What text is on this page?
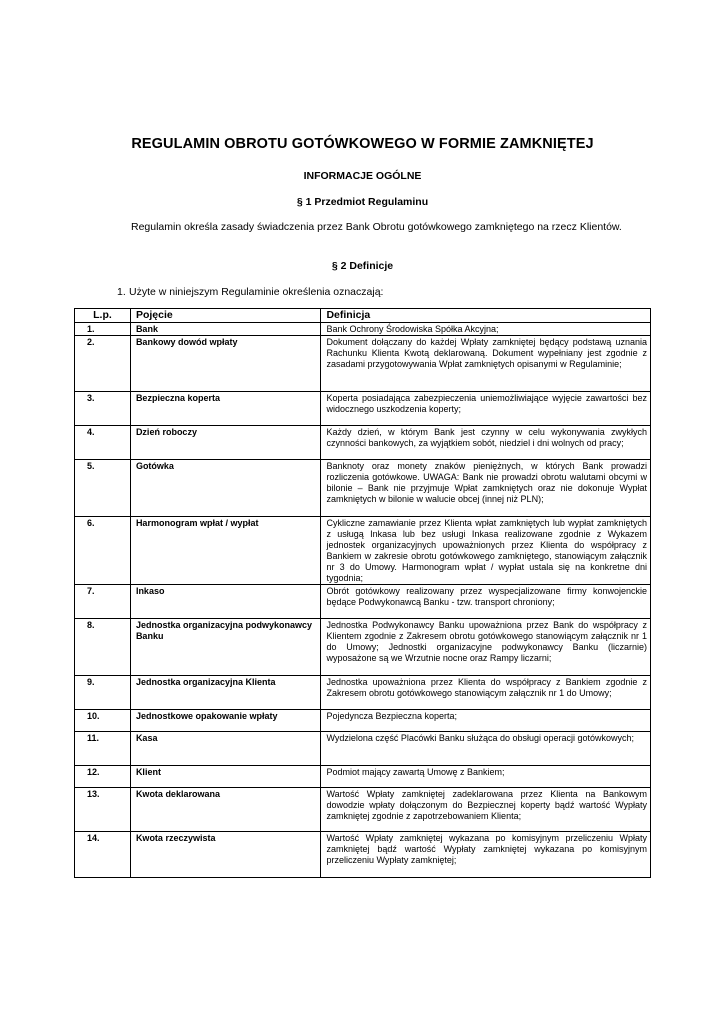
REGULAMIN OBROTU GOTÓWKOWEGO W FORMIE ZAMKNIĘTEJ
INFORMACJE OGÓLNE
§ 1 Przedmiot Regulaminu
Regulamin określa zasady świadczenia przez Bank Obrotu gotówkowego zamkniętego na rzecz Klientów.
§ 2 Definicje
1. Użyte w niniejszym Regulaminie określenia oznaczają:
L.p.	Pojęcie	Definicja
1.	Bank	Bank Ochrony Środowiska Spółka Akcyjna;
2.	Bankowy dowód wpłaty	Dokument dołączany do każdej Wpłaty zamkniętej będący podstawą uznania Rachunku Klienta Kwotą deklarowaną. Dokument wypełniany jest zgodnie z zasadami przygotowywania Wpłat zamkniętych opisanymi w Regulaminie;
3.	Bezpieczna koperta	Koperta posiadająca zabezpieczenia uniemożliwiające wyjęcie zawartości bez widocznego uszkodzenia koperty;
4.	Dzień roboczy	Każdy dzień, w którym Bank jest czynny w celu wykonywania zwykłych czynności bankowych, za wyjątkiem sobót, niedziel i dni wolnych od pracy;
5.	Gotówka	Banknoty oraz monety znaków pieniężnych, w których Bank prowadzi rozliczenia gotówkowe. UWAGA: Bank nie prowadzi obrotu walutami obcymi w bilonie – Bank nie przyjmuje Wpłat zamkniętych oraz nie dokonuje Wypłat zamkniętych w bilonie w walucie obcej (innej niż PLN);
6.	Harmonogram wpłat / wypłat	Cykliczne zamawianie przez Klienta wpłat zamkniętych lub wypłat zamkniętych z usługą Inkasa lub bez usługi Inkasa realizowane zgodnie z Wykazem jednostek organizacyjnych upoważnionych przez Klienta do współpracy z Bankiem w zakresie obrotu gotówkowego zamkniętego, stanowiącym załącznik nr 3 do Umowy. Harmonogram wpłat / wypłat ustala się na konkretne dni tygodnia;
7.	Inkaso	Obrót gotówkowy realizowany przez wyspecjalizowane firmy konwojenckie będące Podwykonawcą Banku - tzw. transport chroniony;
8.	Jednostka organizacyjna podwykonawcy Banku	Jednostka Podwykonawcy Banku upoważniona przez Bank do współpracy z Klientem zgodnie z Zakresem obrotu gotówkowego stanowiącym załącznik nr 1 do Umowy; Jednostki organizacyjne podwykonawcy Banku (liczarnie) wyposażone są we Wrzutnie nocne oraz Rampy liczarni;
9.	Jednostka organizacyjna Klienta	Jednostka upoważniona przez Klienta do współpracy z Bankiem zgodnie z Zakresem obrotu gotówkowego stanowiącym załącznik nr 1 do Umowy;
10.	Jednostkowe opakowanie wpłaty	Pojedyncza Bezpieczna koperta;
11.	Kasa	Wydzielona część Placówki Banku służąca do obsługi operacji gotówkowych;
12.	Klient	Podmiot mający zawartą Umowę z Bankiem;
13.	Kwota deklarowana	Wartość Wpłaty zamkniętej zadeklarowana przez Klienta na Bankowym dowodzie wpłaty dołączonym do Bezpiecznej koperty bądź wartość Wypłaty zamkniętej zgodnie z zapotrzebowaniem Klienta;
14.	Kwota rzeczywista	Wartość Wpłaty zamkniętej wykazana po komisyjnym przeliczeniu Wpłaty zamkniętej bądź wartość Wypłaty zamkniętej wykazana po komisyjnym przeliczeniu Wypłaty zamkniętej;
